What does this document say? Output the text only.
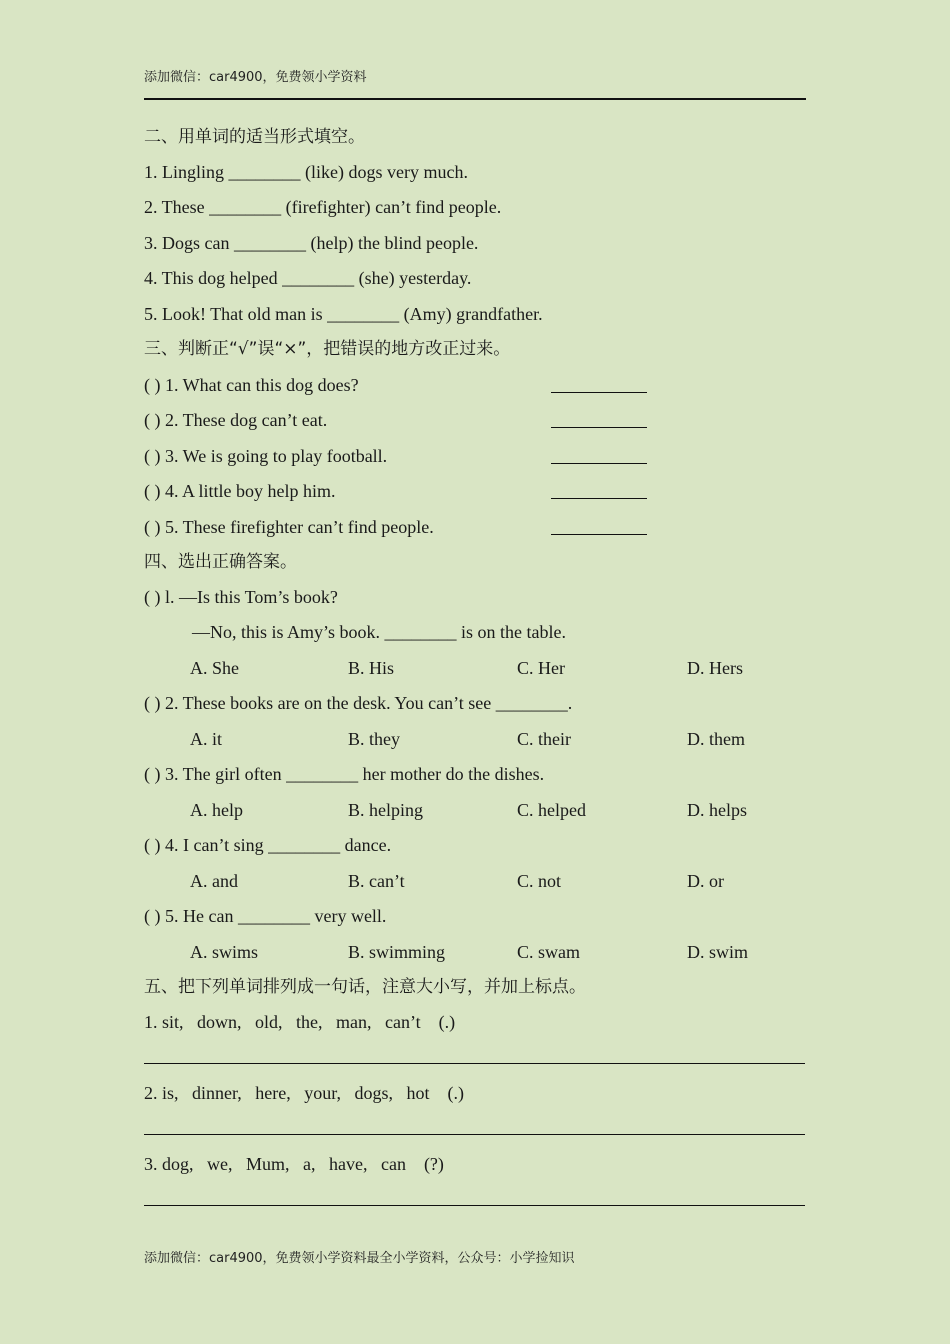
添加微信：car4900，免费领小学资料
二、用单词的适当形式填空。
1. Lingling ________ (like) dogs very much.
2. These ________ (firefighter) can’t find people.
3. Dogs can ________ (help) the blind people.
4. This dog helped ________ (she) yesterday.
5. Look! That old man is ________ (Amy) grandfather.
三、判断正“√”误“×”，把错误的地方改正过来。
( ) 1. What can this dog does?
( ) 2. These dog can’t eat.
( ) 3. We is going to play football.
( ) 4. A little boy help him.
( ) 5. These firefighter can’t find people.
四、选出正确答案。
( ) l. —Is this Tom’s book?
—No, this is Amy’s book. ________ is on the table.
A. She	B. His	C. Her	D. Hers
( ) 2. These books are on the desk. You can’t see ________.
A. it	B. they	C. their	D. them
( ) 3. The girl often ________ her mother do the dishes.
A. help	B. helping	C. helped	D. helps
( ) 4. I can’t sing ________ dance.
A. and	B. can’t	C. not	D. or
( ) 5. He can ________ very well.
A. swims	B. swimming	C. swam	D. swim
五、把下列单词排列成一句话，注意大小写，并加上标点。
1. sit,   down,   old,   the,   man,   can’t    (.)
2. is,   dinner,   here,   your,   dogs,   hot    (.)
3. dog,   we,   Mum,   a,   have,   can    (?)
添加微信：car4900，免费领小学资料最全小学资料，公众号：小学捡知识
